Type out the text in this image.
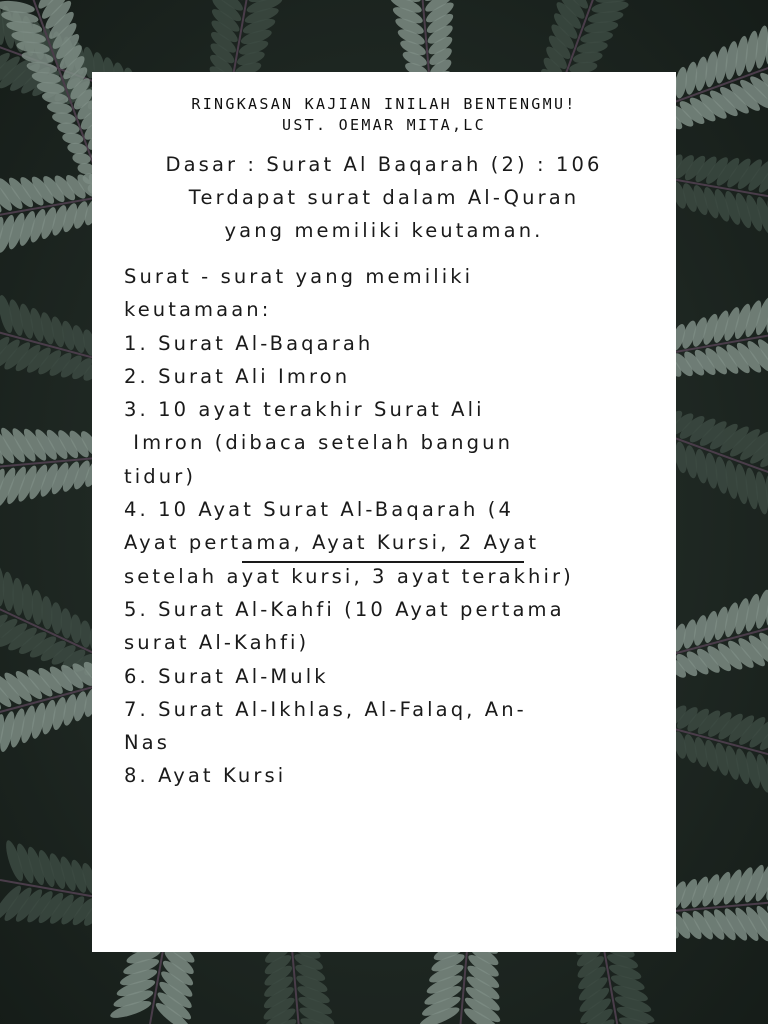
RINGKASAN KAJIAN INILAH BENTENGMU!
UST. OEMAR MITA,LC
Dasar : Surat Al Baqarah (2) : 106
Terdapat surat dalam Al-Quran
yang memiliki keutaman.
Surat - surat yang memiliki
keutamaan:
1. Surat Al-Baqarah
2. Surat Ali Imron
3. 10 ayat terakhir Surat Ali
Imron (dibaca setelah bangun
tidur)
4. 10 Ayat Surat Al-Baqarah (4
Ayat pertama, Ayat Kursi, 2 Ayat
setelah ayat kursi, 3 ayat terakhir)
5. Surat Al-Kahfi (10 Ayat pertama
surat Al-Kahfi)
6. Surat Al-Mulk
7. Surat Al-Ikhlas, Al-Falaq, An-
Nas
8. Ayat Kursi
